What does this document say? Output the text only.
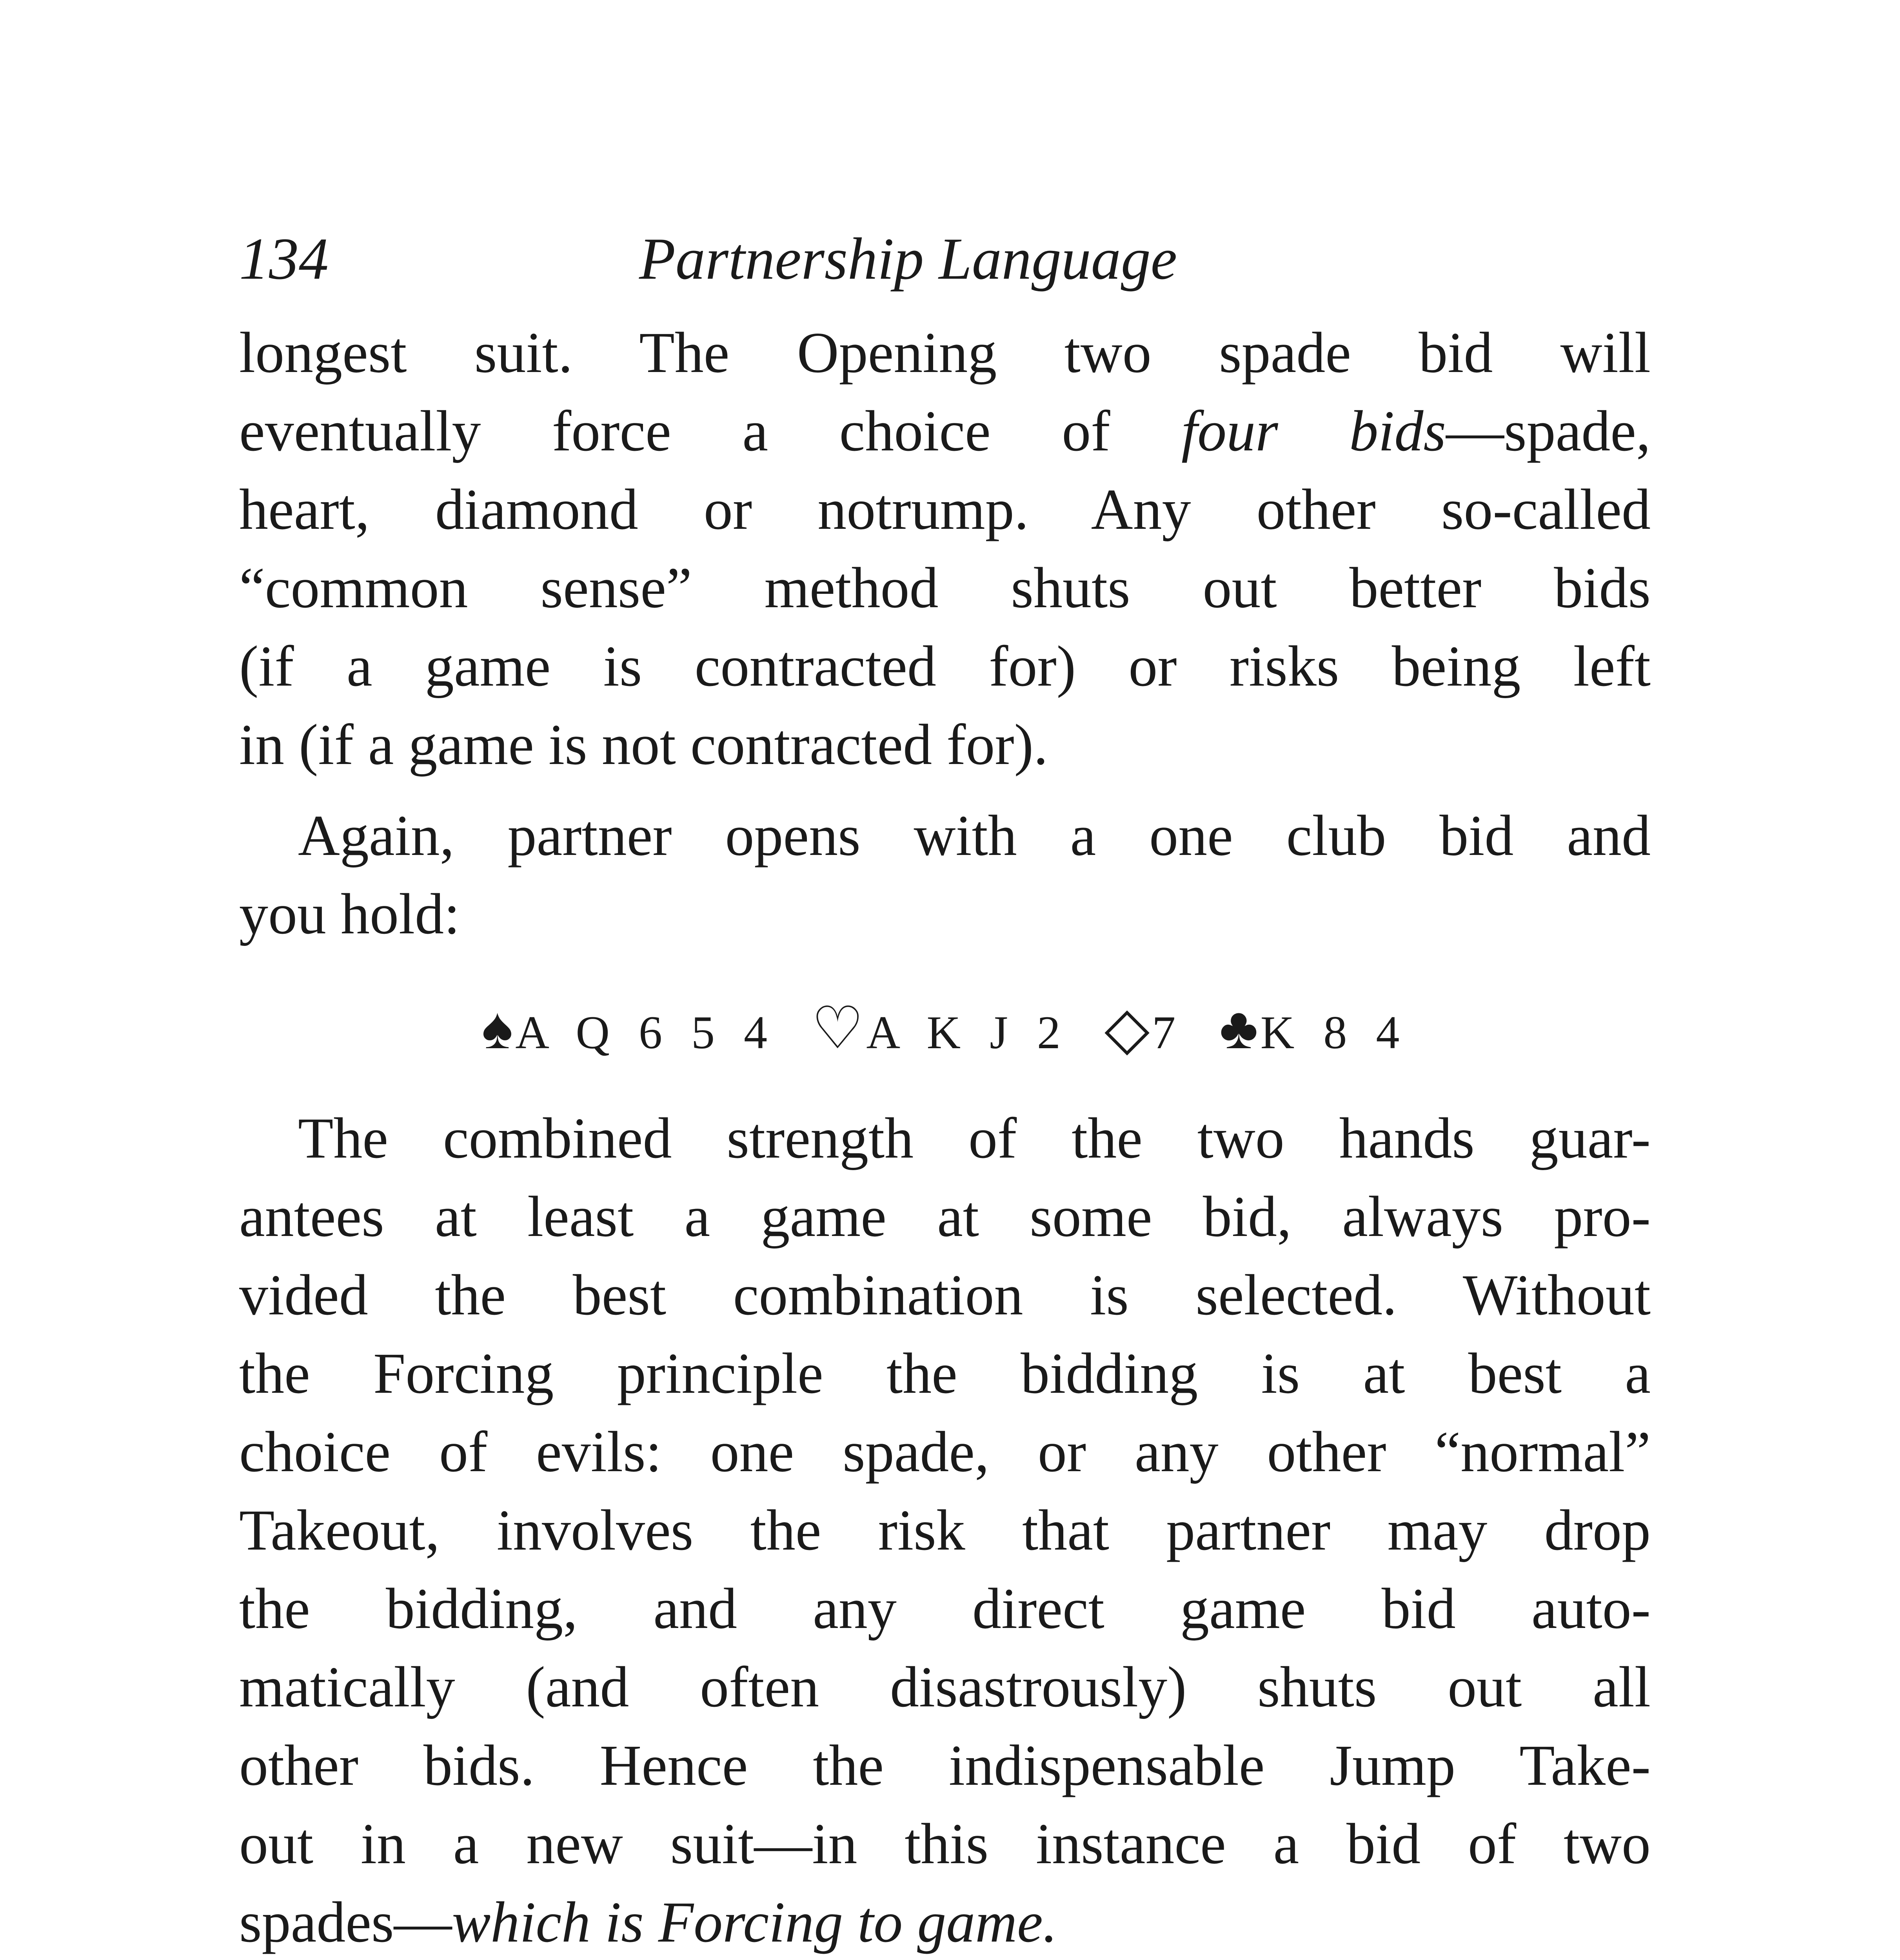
134	Partnership Language
longest suit. The Opening two spade bid will
eventually force a choice of four bids—spade,
heart, diamond or notrump. Any other so-called
“common sense” method shuts out better bids
(if a game is contracted for) or risks being left
in (if a game is not contracted for).
Again, partner opens with a one club bid and
you hold:
♠A Q 6 5 4 ♡A K J 2 ◇7 ♣K 8 4
The combined strength of the two hands guar-
antees at least a game at some bid, always pro-
vided the best combination is selected. Without
the Forcing principle the bidding is at best a
choice of evils: one spade, or any other “normal”
Takeout, involves the risk that partner may drop
the bidding, and any direct game bid auto-
matically (and often disastrously) shuts out all
other bids. Hence the indispensable Jump Take-
out in a new suit—in this instance a bid of two
spades—which is Forcing to game.
